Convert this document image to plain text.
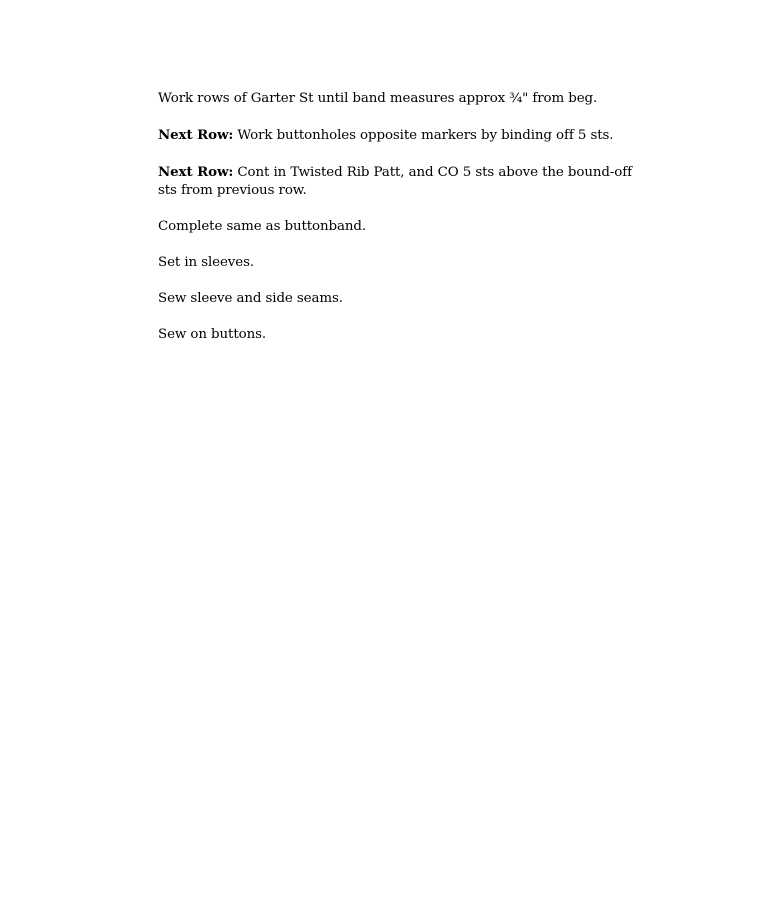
Work rows of Garter St until band measures approx ¾" from beg.

Next Row: Work buttonholes opposite markers by binding off 5 sts.

Next Row: Cont in Twisted Rib Patt, and CO 5 sts above the bound-off sts from previous row.

Complete same as buttonband.

Set in sleeves.

Sew sleeve and side seams.

Sew on buttons.
